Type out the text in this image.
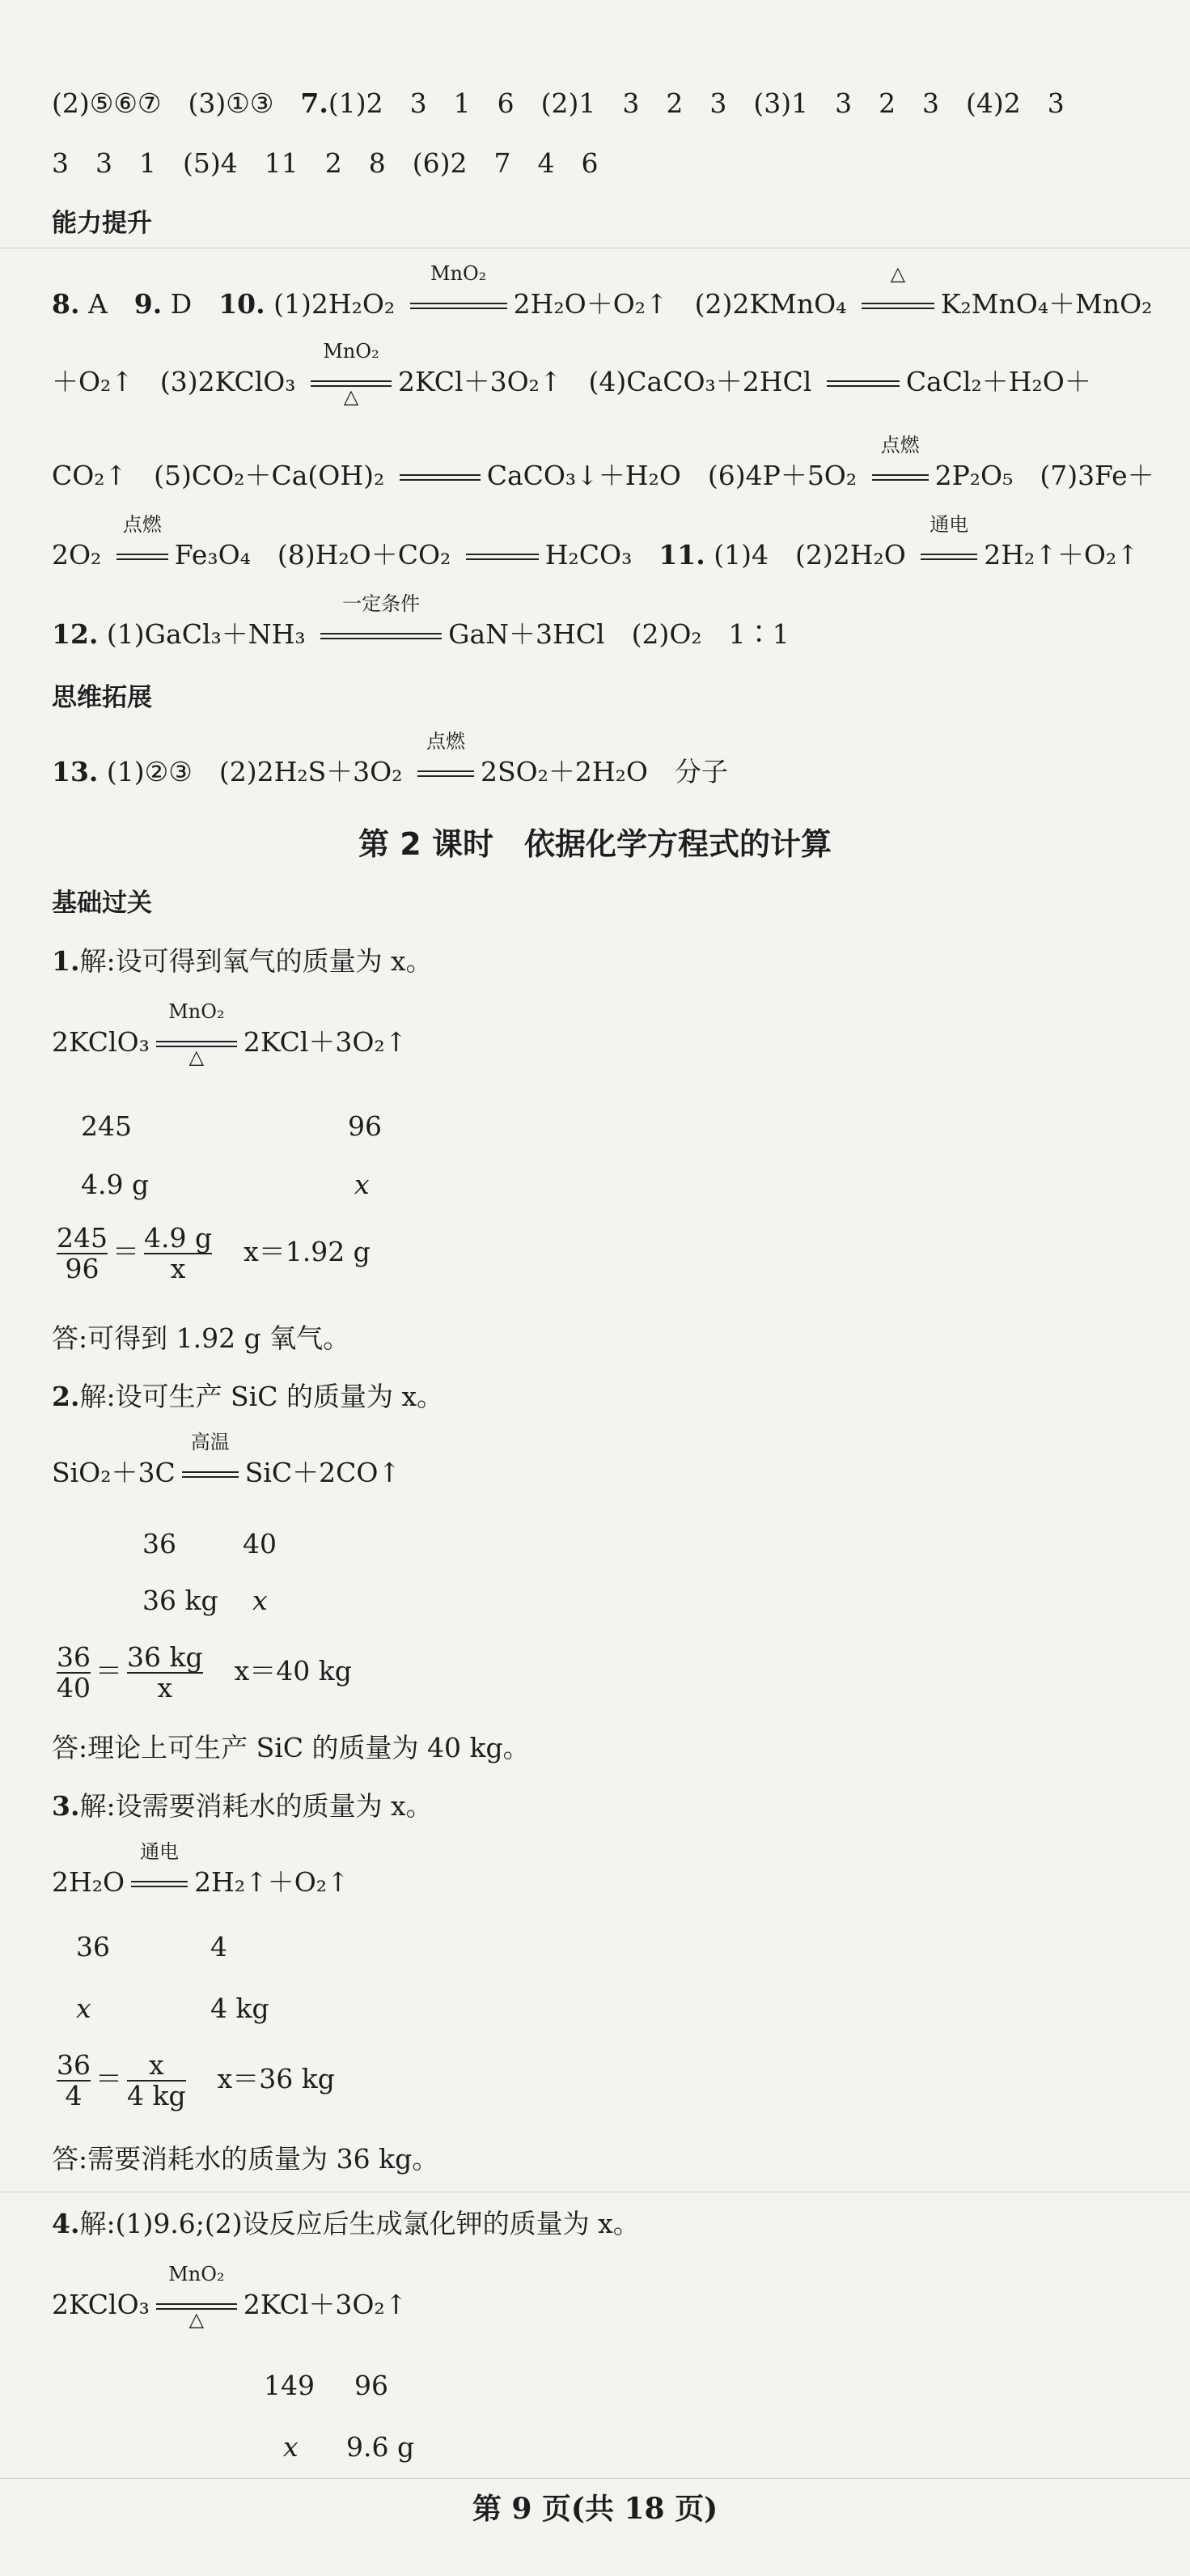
(2)⑤⑥⑦　(3)①③　7.(1)2　3　1　6　(2)1　3　2　3　(3)1　3　2　3　(4)2　3
3　3　1　(5)4　11　2　8　(6)2　7　4　6
能力提升
8. A　9. D　10. (1)2H₂O₂
MnO₂
2H₂O＋O₂↑　(2)2KMnO₄
△
K₂MnO₄＋MnO₂
＋O₂↑　(3)2KClO₃
MnO₂
△	2KCl＋3O₂↑　(4)CaCO₃＋2HCl	CaCl₂＋H₂O＋
CO₂↑　(5)CO₂＋Ca(OH)₂	CaCO₃↓＋H₂O　(6)4P＋5O₂
点燃
2P₂O₅　(7)3Fe＋
2O₂
点燃
Fe₃O₄　(8)H₂O＋CO₂	H₂CO₃　11. (1)4　(2)2H₂O
通电
2H₂↑＋O₂↑
12. (1)GaCl₃＋NH₃
一定条件
GaN＋3HCl　(2)O₂　1∶1
思维拓展
13. (1)②③　(2)2H₂S＋3O₂
点燃
2SO₂＋2H₂O　分子
第 2 课时　依据化学方程式的计算
基础过关
1.解:设可得到氧气的质量为 x。
2KClO₃
MnO₂
△	2KCl＋3O₂↑
245	96
4.9 g	x
$\frac{245}{96} = \frac{4.9 g}{x}$
　 x＝1.92 g
答:可得到 1.92 g 氧气。
2.解:设可生产 SiC 的质量为 x。
SiO₂＋3C
高温
SiC＋2CO↑
36 40
36 kg x
$\frac{36}{40} = \frac{36 kg}{x}$
　 x＝40 kg
答:理论上可生产 SiC 的质量为 40 kg。
3.解:设需要消耗水的质量为 x。
2H₂O
通电
2H₂↑＋O₂↑
36	4
x	4 kg
$\frac{36}{4} = \frac{x}{4 kg}$
　 x＝36 kg
答:需要消耗水的质量为 36 kg。
4.解:(1)9.6;(2)设反应后生成氯化钾的质量为 x。
2KClO₃
MnO₂
△	2KCl＋3O₂↑
149 96
x 9.6 g
第 9 页(共 18 页)
